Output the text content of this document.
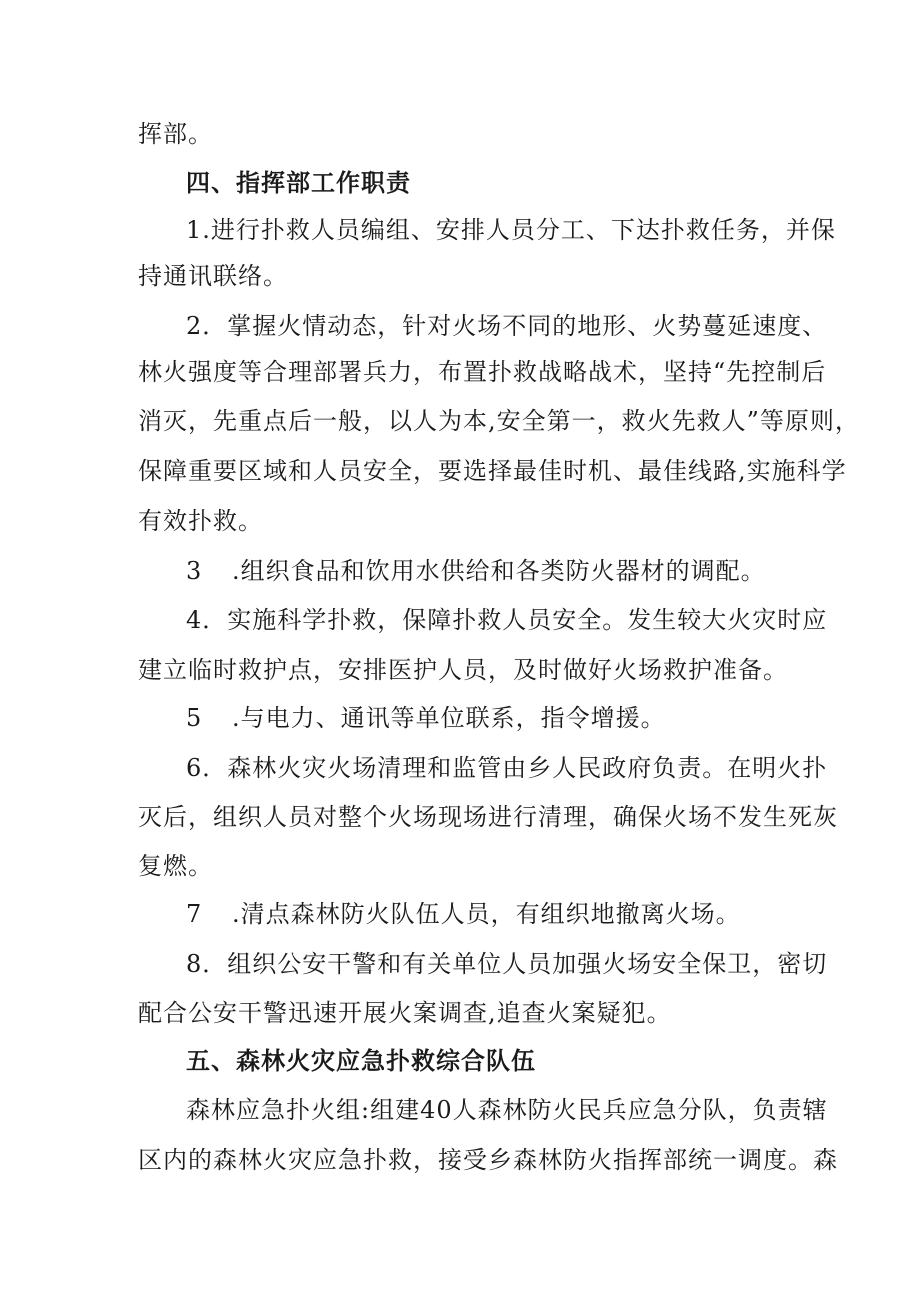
挥部。
四、指挥部工作职责
1.进行扑救人员编组、安排人员分工、下达扑救任务，并保
持通讯联络。
2．掌握火情动态，针对火场不同的地形、火势蔓延速度、
林火强度等合理部署兵力，布置扑救战略战术，坚持“先控制后
消灭，先重点后一般，以人为本,安全第一，救火先救人”等原则，
保障重要区域和人员安全，要选择最佳时机、最佳线路,实施科学
有效扑救。
3 .组织食品和饮用水供给和各类防火器材的调配。
4．实施科学扑救，保障扑救人员安全。发生较大火灾时应
建立临时救护点，安排医护人员，及时做好火场救护准备。
5 .与电力、通讯等单位联系，指令增援。
6．森林火灾火场清理和监管由乡人民政府负责。在明火扑
灭后，组织人员对整个火场现场进行清理，确保火场不发生死灰
复燃。
7 .清点森林防火队伍人员，有组织地撤离火场。
8．组织公安干警和有关单位人员加强火场安全保卫，密切
配合公安干警迅速开展火案调查,追查火案疑犯。
五、森林火灾应急扑救综合队伍
森林应急扑火组:组建40人森林防火民兵应急分队，负责辖
区内的森林火灾应急扑救，接受乡森林防火指挥部统一调度。森
